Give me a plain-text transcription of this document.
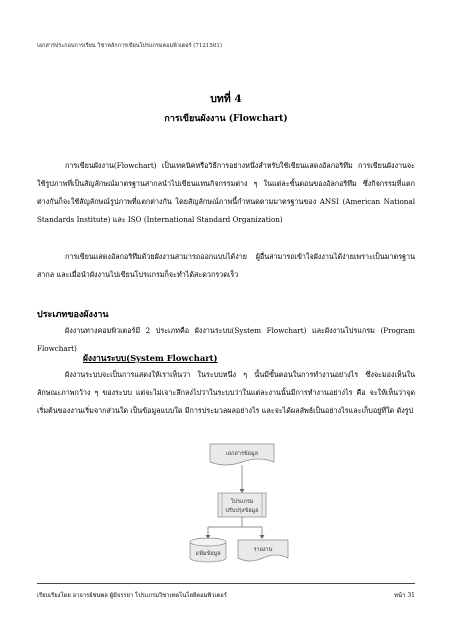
เอกสารประกอบการเรียน วิชาหลักการเขียนโปรแกรมคอมพิวเตอร์ (7121501)
บทที่ 4
การเขียนผังงาน (Flowchart)
การเขียนผังงาน(Flowchart) เป็นเทคนิคหรือวิธีการอย่างหนึ่งสำหรับใช้เขียนแสดงอัลกอริทึม การเขียนผังงานจะใช้รูปภาพที่เป็นสัญลักษณ์มาตรฐานสากลนำไปเขียนแทนกิจกรรมต่าง ๆ ในแต่ละขั้นตอนของอัลกอริทึม ซึ่งกิจกรรมที่แตกต่างกันก็จะใช้สัญลักษณ์รูปภาพที่แตกต่างกัน โดยสัญลักษณ์ภาพนี้กำหนดตามมาตรฐานของ ANSI (American National Standards Institute) และ ISO (International Standard Organization)
การเขียนแสดงอัลกอริทึมด้วยผังงานสามารถออกแบบได้ง่าย ผู้อื่นสามารถเข้าใจผังงานได้ง่ายเพราะเป็นมาตรฐานสากล และเมื่อนำผังงานไปเขียนโปรแกรมก็จะทำได้สะดวกรวดเร็ว
ประเภทของผังงาน
ผังงานทางคอมพิวเตอร์มี 2 ประเภทคือ ผังงานระบบ(System Flowchart) และผังงานโปรแกรม (Program Flowchart)
ผังงานระบบ(System Flowchart)
ผังงานระบบจะเป็นการแสดงให้เราเห็นว่า ในระบบหนึ่ง ๆ นั้นมีขั้นตอนในการทำงานอย่างไร ซึ่งจะมองเห็นในลักษณะภาพกว้าง ๆ ของระบบ แต่จะไม่เจาะลึกลงไปว่าในระบบว่าในแต่ละงานนั้นมีการทำงานอย่างไร คือ จะให้เห็นว่าจุดเริ่มต้นของงานเริ่มจากส่วนใด เป็นข้อมูลแบบใด มีการประมวลผลอย่างไร และจะได้ผลลัพธ์เป็นอย่างไรและเก็บอยู่ที่ใด ดังรูป
เอกสารข้อมูล
โปรแกรม
ปรับปรุงข้อมูล
แฟ้มข้อมูล
รายงาน
เรียบเรียงโดย อาจารย์ชนพล ผู้มีจรรยา โปรแกรมวิชาเทคโนโลยีคอมพิวเตอร์	หน้า 31
